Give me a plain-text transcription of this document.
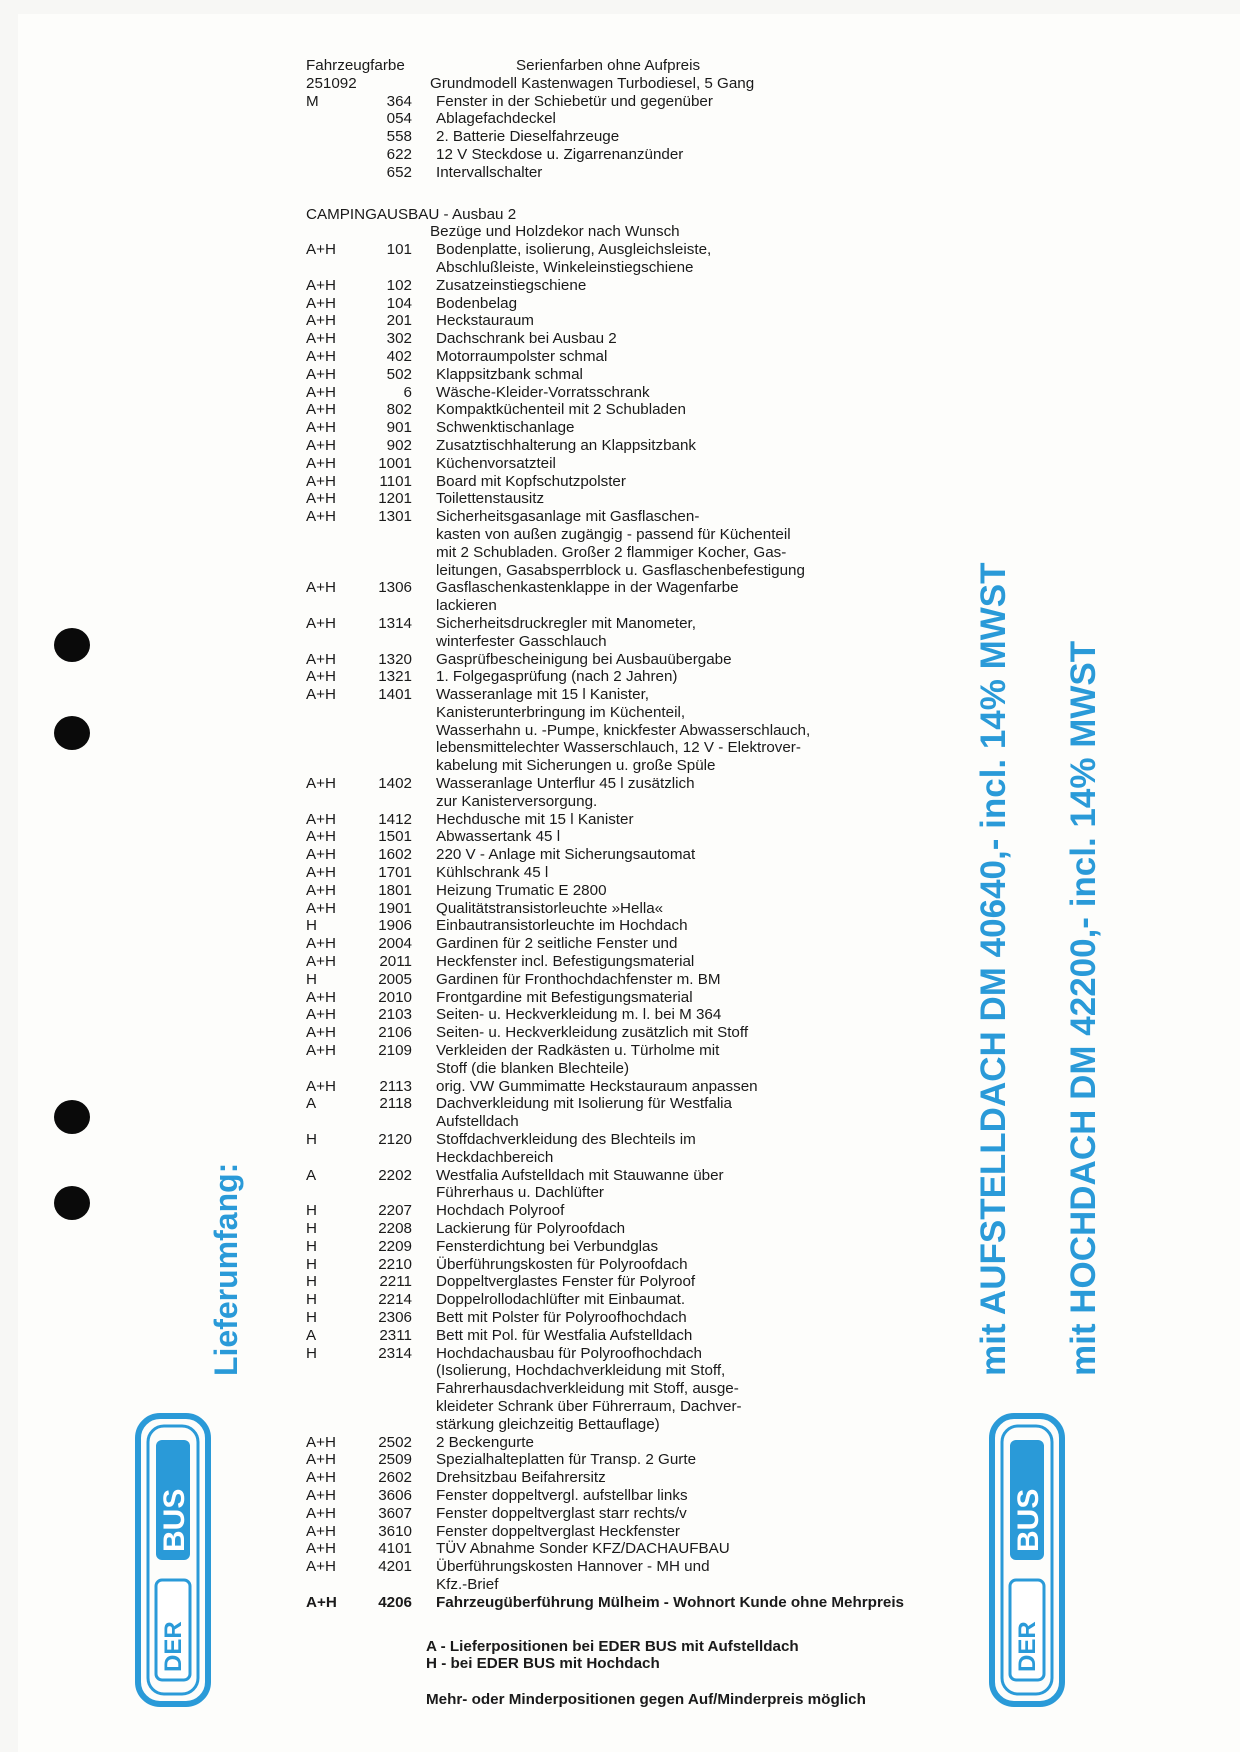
Fahrzeugfarbe	Serienfarben ohne Aufpreis
251092	Grundmodell Kastenwagen Turbodiesel, 5 Gang
M	364	Fenster in der Schiebetür und gegenüber
054	Ablagefachdeckel
558	2. Batterie Dieselfahrzeuge
622	12 V Steckdose u. Zigarrenanzünder
652	Intervallschalter
CAMPINGAUSBAU - Ausbau 2
Bezüge und Holzdekor nach Wunsch
A+H	101	Bodenplatte, isolierung, Ausgleichsleiste,
Abschlußleiste, Winkeleinstiegschiene
A+H	102	Zusatzeinstiegschiene
A+H	104	Bodenbelag
A+H	201	Heckstauraum
A+H	302	Dachschrank bei Ausbau 2
A+H	402	Motorraumpolster schmal
A+H	502	Klappsitzbank schmal
A+H	6	Wäsche-Kleider-Vorratsschrank
A+H	802	Kompaktküchenteil mit 2 Schubladen
A+H	901	Schwenktischanlage
A+H	902	Zusatztischhalterung an Klappsitzbank
A+H	1001	Küchenvorsatzteil
A+H	1101	Board mit Kopfschutzpolster
A+H	1201	Toilettenstausitz
A+H	1301	Sicherheitsgasanlage mit Gasflaschen-
kasten von außen zugängig - passend für Küchenteil
mit 2 Schubladen. Großer 2 flammiger Kocher, Gas-
leitungen, Gasabsperrblock u. Gasflaschenbefestigung
A+H	1306	Gasflaschenkastenklappe in der Wagenfarbe
lackieren
A+H	1314	Sicherheitsdruckregler mit Manometer,
winterfester Gasschlauch
A+H	1320	Gasprüfbescheinigung bei Ausbauübergabe
A+H	1321	1. Folgegasprüfung (nach 2 Jahren)
A+H	1401	Wasseranlage mit 15 l Kanister,
Kanisterunterbringung im Küchenteil,
Wasserhahn u. -Pumpe, knickfester Abwasserschlauch,
lebensmittelechter Wasserschlauch, 12 V - Elektrover-
kabelung mit Sicherungen u. große Spüle
A+H	1402	Wasseranlage Unterflur 45 l zusätzlich
zur Kanisterversorgung.
A+H	1412	Hechdusche mit 15 l Kanister
A+H	1501	Abwassertank 45 l
A+H	1602	220 V - Anlage mit Sicherungsautomat
A+H	1701	Kühlschrank 45 l
A+H	1801	Heizung Trumatic E 2800
A+H	1901	Qualitätstransistorleuchte »Hella«
H	1906	Einbautransistorleuchte im Hochdach
A+H	2004	Gardinen für 2 seitliche Fenster und
A+H	2011	Heckfenster incl. Befestigungsmaterial
H	2005	Gardinen für Fronthochdachfenster m. BM
A+H	2010	Frontgardine mit Befestigungsmaterial
A+H	2103	Seiten- u. Heckverkleidung m. l. bei M 364
A+H	2106	Seiten- u. Heckverkleidung zusätzlich mit Stoff
A+H	2109	Verkleiden der Radkästen u. Türholme mit
Stoff (die blanken Blechteile)
A+H	2113	orig. VW Gummimatte Heckstauraum anpassen
A	2118	Dachverkleidung mit Isolierung für Westfalia
Aufstelldach
H	2120	Stoffdachverkleidung des Blechteils im
Heckdachbereich
A	2202	Westfalia Aufstelldach mit Stauwanne über
Führerhaus u. Dachlüfter
H	2207	Hochdach Polyroof
H	2208	Lackierung für Polyroofdach
H	2209	Fensterdichtung bei Verbundglas
H	2210	Überführungskosten für Polyroofdach
H	2211	Doppeltverglastes Fenster für Polyroof
H	2214	Doppelrollodachlüfter mit Einbaumat.
H	2306	Bett mit Polster für Polyroofhochdach
A	2311	Bett mit Pol. für Westfalia Aufstelldach
H	2314	Hochdachausbau für Polyroofhochdach
(Isolierung, Hochdachverkleidung mit Stoff,
Fahrerhausdachverkleidung mit Stoff, ausge-
kleideter Schrank über Führerraum, Dachver-
stärkung gleichzeitig Bettauflage)
A+H	2502	2 Beckengurte
A+H	2509	Spezialhalteplatten für Transp. 2 Gurte
A+H	2602	Drehsitzbau Beifahrersitz
A+H	3606	Fenster doppeltvergl. aufstellbar links
A+H	3607	Fenster doppeltverglast starr rechts/v
A+H	3610	Fenster doppeltverglast Heckfenster
A+H	4101	TÜV Abnahme Sonder KFZ/DACHAUFBAU
A+H	4201	Überführungskosten Hannover - MH und
Kfz.-Brief
A+H	4206	Fahrzeugüberführung Mülheim - Wohnort Kunde ohne Mehrpreis
A - Lieferpositionen bei EDER BUS mit Aufstelldach
H - bei EDER BUS mit Hochdach
Mehr- oder Minderpositionen gegen Auf/Minderpreis möglich
Lieferumfang:	mit AUFSTELLDACH DM 40640,- incl. 14% MWST mit HOCHDACH DM 42200,- incl. 14% MWST
BUS
DER
BUS
DER
